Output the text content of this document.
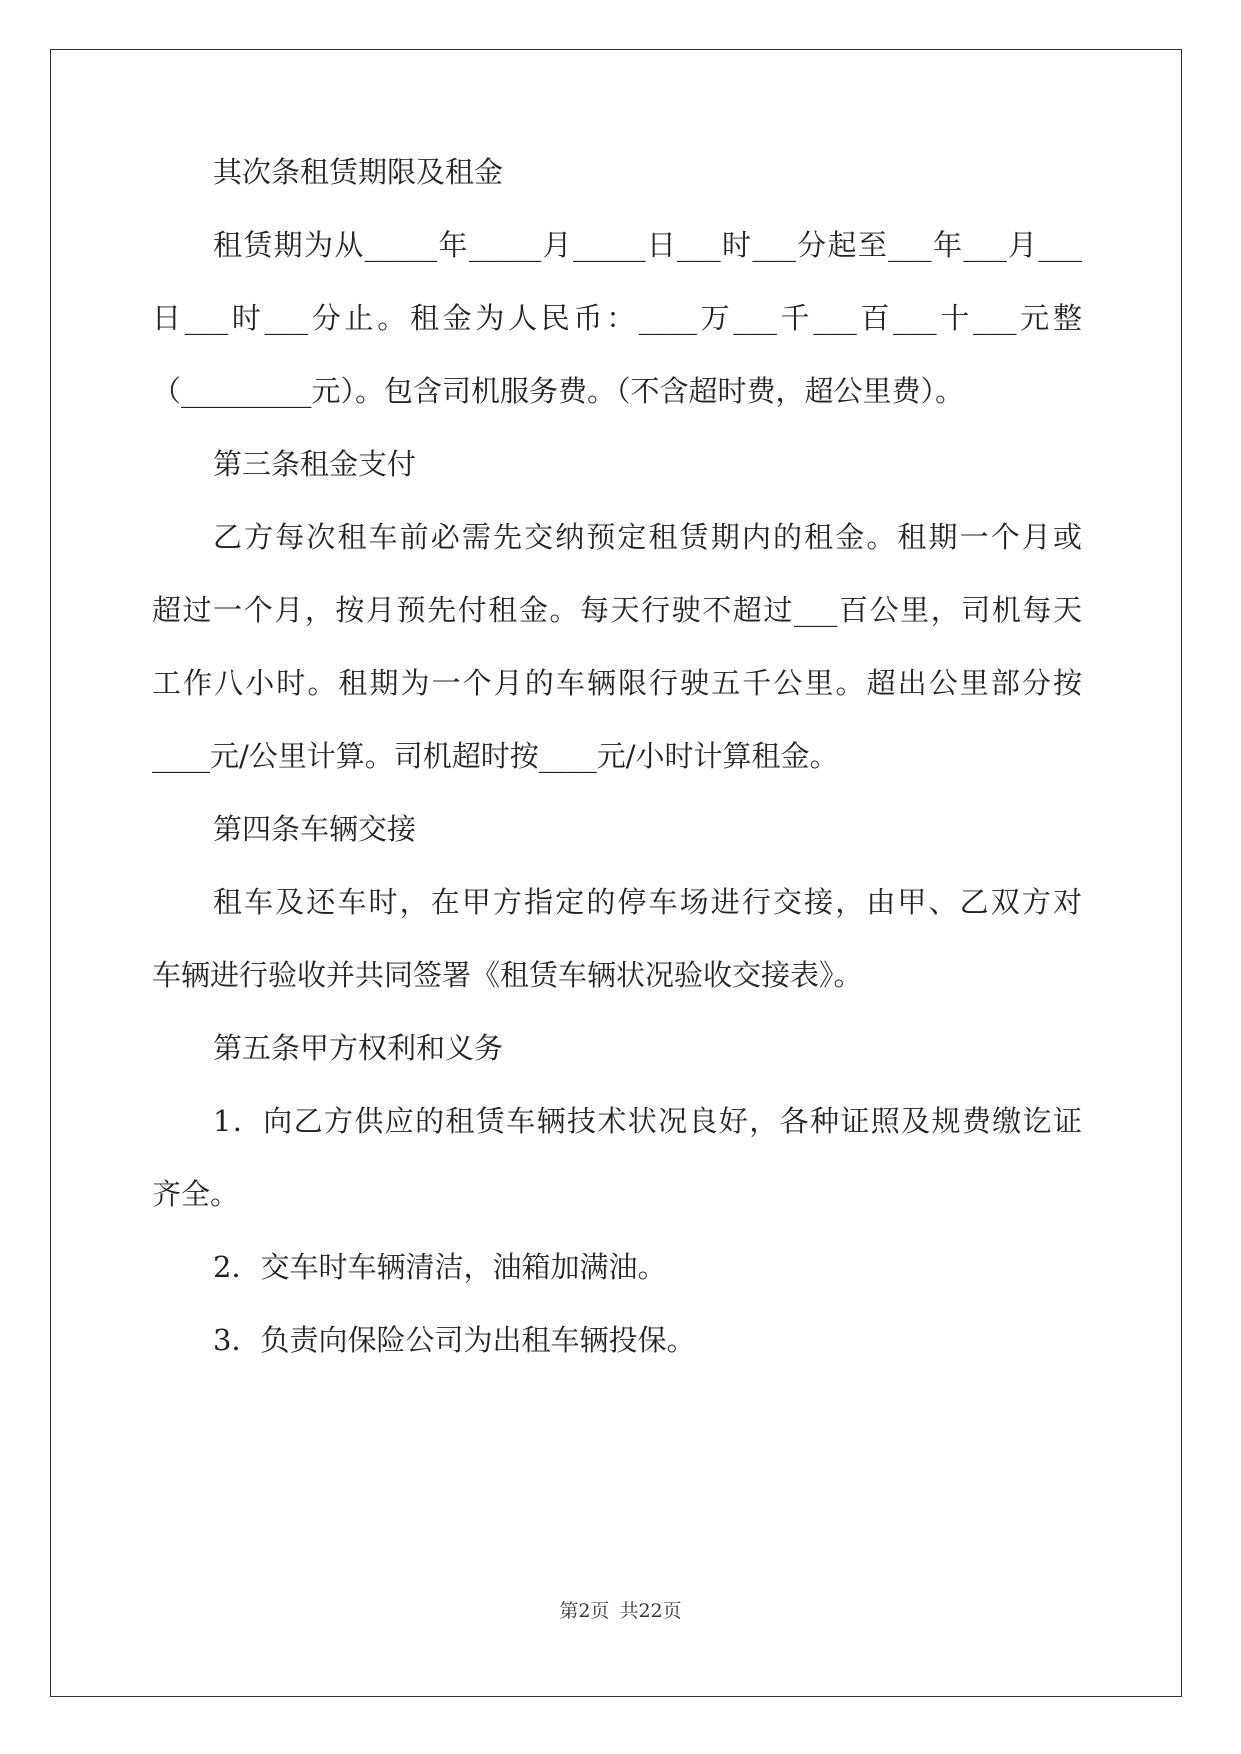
其次条租赁期限及租金
租赁期为从_____年_____月_____日___时___分起至___年___月___
日___时___分止。租金为人民币：____万___千___百___十___元整
（_________元）。包含司机服务费。（不含超时费，超公里费）。
第三条租金支付
乙方每次租车前必需先交纳预定租赁期内的租金。租期一个月或
超过一个月，按月预先付租金。每天行驶不超过___百公里，司机每天
工作八小时。租期为一个月的车辆限行驶五千公里。超出公里部分按
____元/公里计算。司机超时按____元/小时计算租金。
第四条车辆交接
租车及还车时，在甲方指定的停车场进行交接，由甲、乙双方对
车辆进行验收并共同签署《租赁车辆状况验收交接表》。
第五条甲方权利和义务
1．向乙方供应的租赁车辆技术状况良好，各种证照及规费缴讫证
齐全。
2．交车时车辆清洁，油箱加满油。
3．负责向保险公司为出租车辆投保。
第2页 共22页
